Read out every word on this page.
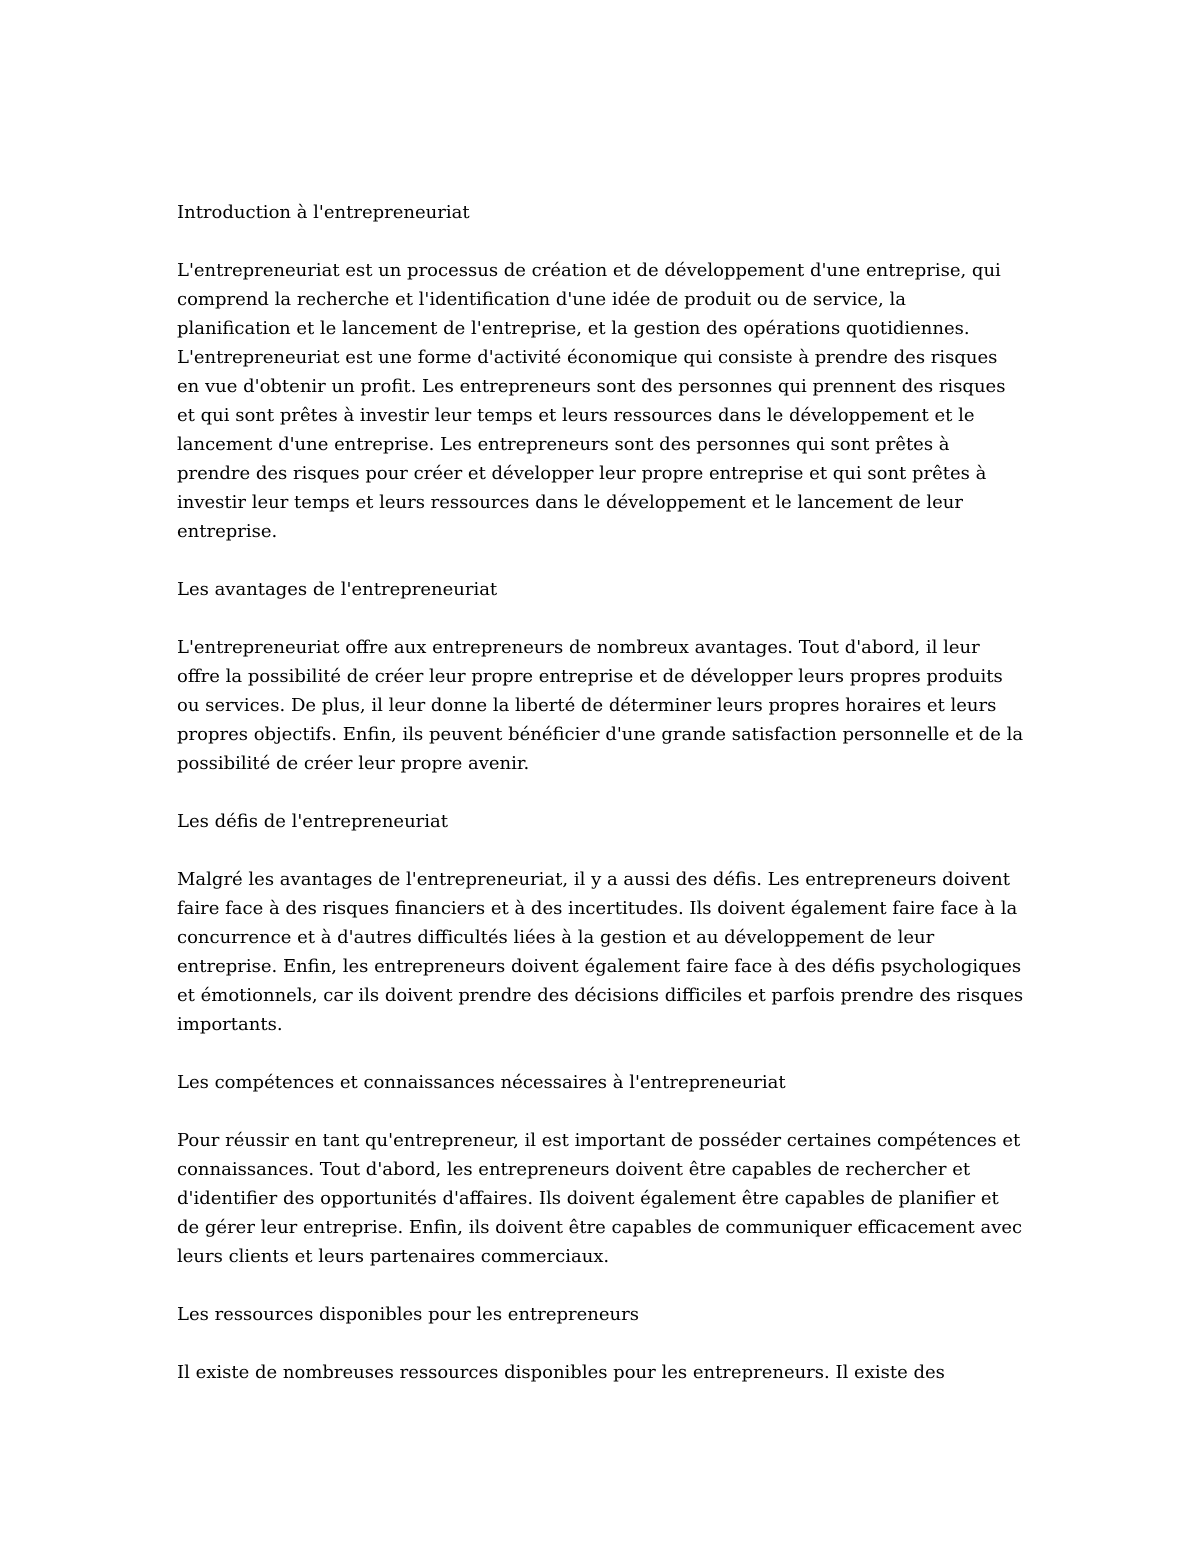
Introduction à l'entrepreneuriat
L'entrepreneuriat est un processus de création et de développement d'une entreprise, qui
comprend la recherche et l'identification d'une idée de produit ou de service, la
planification et le lancement de l'entreprise, et la gestion des opérations quotidiennes.
L'entrepreneuriat est une forme d'activité économique qui consiste à prendre des risques
en vue d'obtenir un profit. Les entrepreneurs sont des personnes qui prennent des risques
et qui sont prêtes à investir leur temps et leurs ressources dans le développement et le
lancement d'une entreprise. Les entrepreneurs sont des personnes qui sont prêtes à
prendre des risques pour créer et développer leur propre entreprise et qui sont prêtes à
investir leur temps et leurs ressources dans le développement et le lancement de leur
entreprise.
Les avantages de l'entrepreneuriat
L'entrepreneuriat offre aux entrepreneurs de nombreux avantages. Tout d'abord, il leur
offre la possibilité de créer leur propre entreprise et de développer leurs propres produits
ou services. De plus, il leur donne la liberté de déterminer leurs propres horaires et leurs
propres objectifs. Enfin, ils peuvent bénéficier d'une grande satisfaction personnelle et de la
possibilité de créer leur propre avenir.
Les défis de l'entrepreneuriat
Malgré les avantages de l'entrepreneuriat, il y a aussi des défis. Les entrepreneurs doivent
faire face à des risques financiers et à des incertitudes. Ils doivent également faire face à la
concurrence et à d'autres difficultés liées à la gestion et au développement de leur
entreprise. Enfin, les entrepreneurs doivent également faire face à des défis psychologiques
et émotionnels, car ils doivent prendre des décisions difficiles et parfois prendre des risques
importants.
Les compétences et connaissances nécessaires à l'entrepreneuriat
Pour réussir en tant qu'entrepreneur, il est important de posséder certaines compétences et
connaissances. Tout d'abord, les entrepreneurs doivent être capables de rechercher et
d'identifier des opportunités d'affaires. Ils doivent également être capables de planifier et
de gérer leur entreprise. Enfin, ils doivent être capables de communiquer efficacement avec
leurs clients et leurs partenaires commerciaux.
Les ressources disponibles pour les entrepreneurs
Il existe de nombreuses ressources disponibles pour les entrepreneurs. Il existe des
